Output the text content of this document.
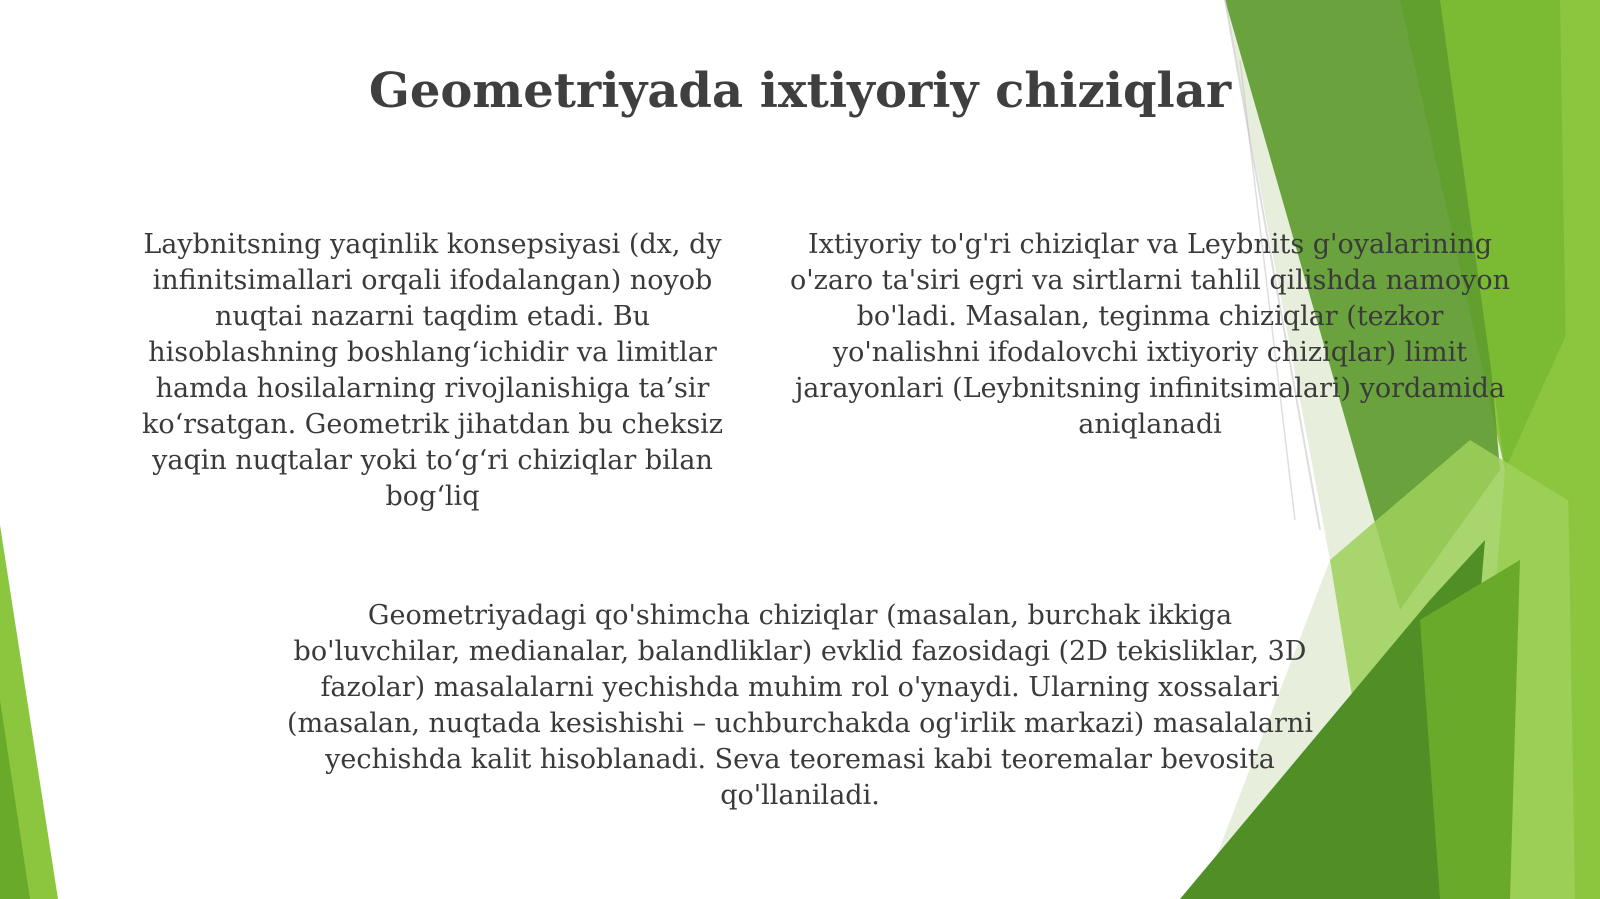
Geometriyada ixtiyoriy chiziqlar

Laybnitsning yaqinlik konsepsiyasi (dx, dy infinitsimallari orqali ifodalangan) noyob nuqtai nazarni taqdim etadi. Bu hisoblashning boshlang‘ichidir va limitlar hamda hosilalarning rivojlanishiga ta’sir ko‘rsatgan. Geometrik jihatdan bu cheksiz yaqin nuqtalar yoki to‘g‘ri chiziqlar bilan bog‘liq

Ixtiyoriy to'g'ri chiziqlar va Leybnits g'oyalarining o'zaro ta'siri egri va sirtlarni tahlil qilishda namoyon bo'ladi. Masalan, teginma chiziqlar (tezkor yo'nalishni ifodalovchi ixtiyoriy chiziqlar) limit jarayonlari (Leybnitsning infinitsimalari) yordamida aniqlanadi

Geometriyadagi qo'shimcha chiziqlar (masalan, burchak ikkiga bo'luvchilar, medianalar, balandliklar) evklid fazosidagi (2D tekisliklar, 3D fazolar) masalalarni yechishda muhim rol o'ynaydi. Ularning xossalari (masalan, nuqtada kesishishi – uchburchakda og'irlik markazi) masalalarni yechishda kalit hisoblanadi. Seva teoremasi kabi teoremalar bevosita qo'llaniladi.
